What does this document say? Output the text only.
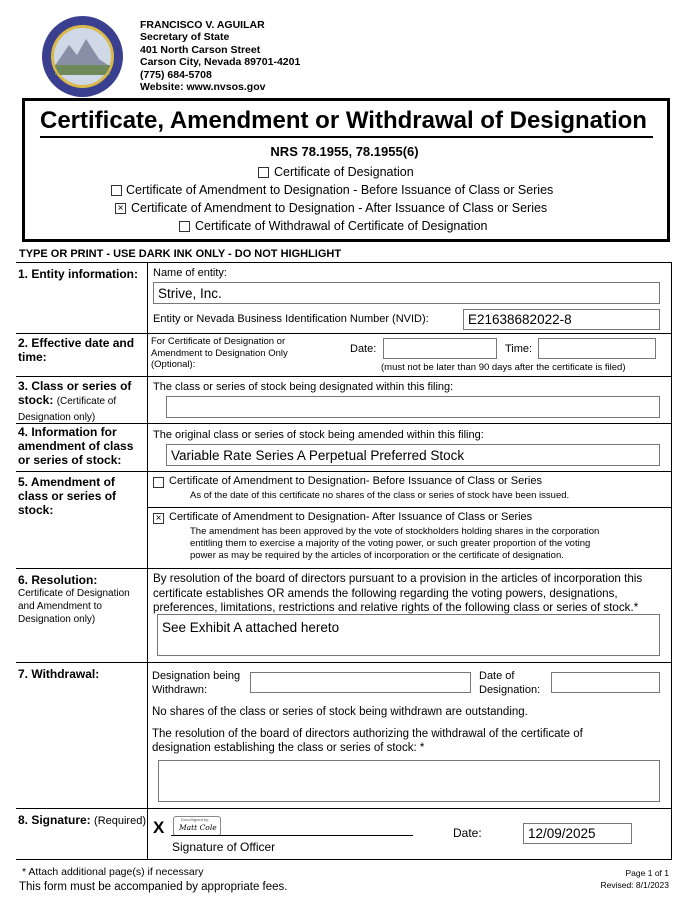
FRANCISCO V. AGUILAR
Secretary of State
401 North Carson Street
Carson City, Nevada 89701-4201
(775) 684-5708
Website: www.nvsos.gov
Certificate, Amendment or Withdrawal of Designation
NRS 78.1955, 78.1955(6)
Certificate of Designation
Certificate of Amendment to Designation - Before Issuance of Class or Series
× Certificate of Amendment to Designation - After Issuance of Class or Series
Certificate of Withdrawal of Certificate of Designation
TYPE OR PRINT - USE DARK INK ONLY - DO NOT HIGHLIGHT
1. Entity information: Name of entity:
Strive, Inc.
Entity or Nevada Business Identification Number (NVID):	E21638682022-8
2. Effective date and time:
For Certificate of Designation or
Amendment to Designation Only
(Optional):
Date:	Time:
(must not be later than 90 days after the certificate is filed)
3. Class or series of stock: (Certificate of Designation only)
The class or series of stock being designated within this filing:
4. Information for amendment of class or series of stock:
The original class or series of stock being amended within this filing:
Variable Rate Series A Perpetual Preferred Stock
5. Amendment of class or series of stock:
Certificate of Amendment to Designation- Before Issuance of Class or Series
As of the date of this certificate no shares of the class or series of stock have been issued.
× Certificate of Amendment to Designation- After Issuance of Class or Series
The amendment has been approved by the vote of stockholders holding shares in the corporation
entitling them to exercise a majority of the voting power, or such greater proportion of the voting
power as may be required by the articles of incorporation or the certificate of designation.
6. Resolution:
Certificate of Designation
and Amendment to
Designation only)
By resolution of the board of directors pursuant to a provision in the articles of incorporation this
certificate establishes OR amends the following regarding the voting powers, designations,
preferences, limitations, restrictions and relative rights of the following class or series of stock.*
See Exhibit A attached hereto
7. Withdrawal:	Designation being
Withdrawn:
Date of
Designation:
No shares of the class or series of stock being withdrawn are outstanding.
The resolution of the board of directors authorizing the withdrawal of the certificate of
designation establishing the class or series of stock: *
8. Signature: (Required) X	DocuSigned by:
Matt Cole
Signature of Officer
Date:	12/09/2025
* Attach additional page(s) if necessary
This form must be accompanied by appropriate fees.
Page 1 of 1
Revised: 8/1/2023
